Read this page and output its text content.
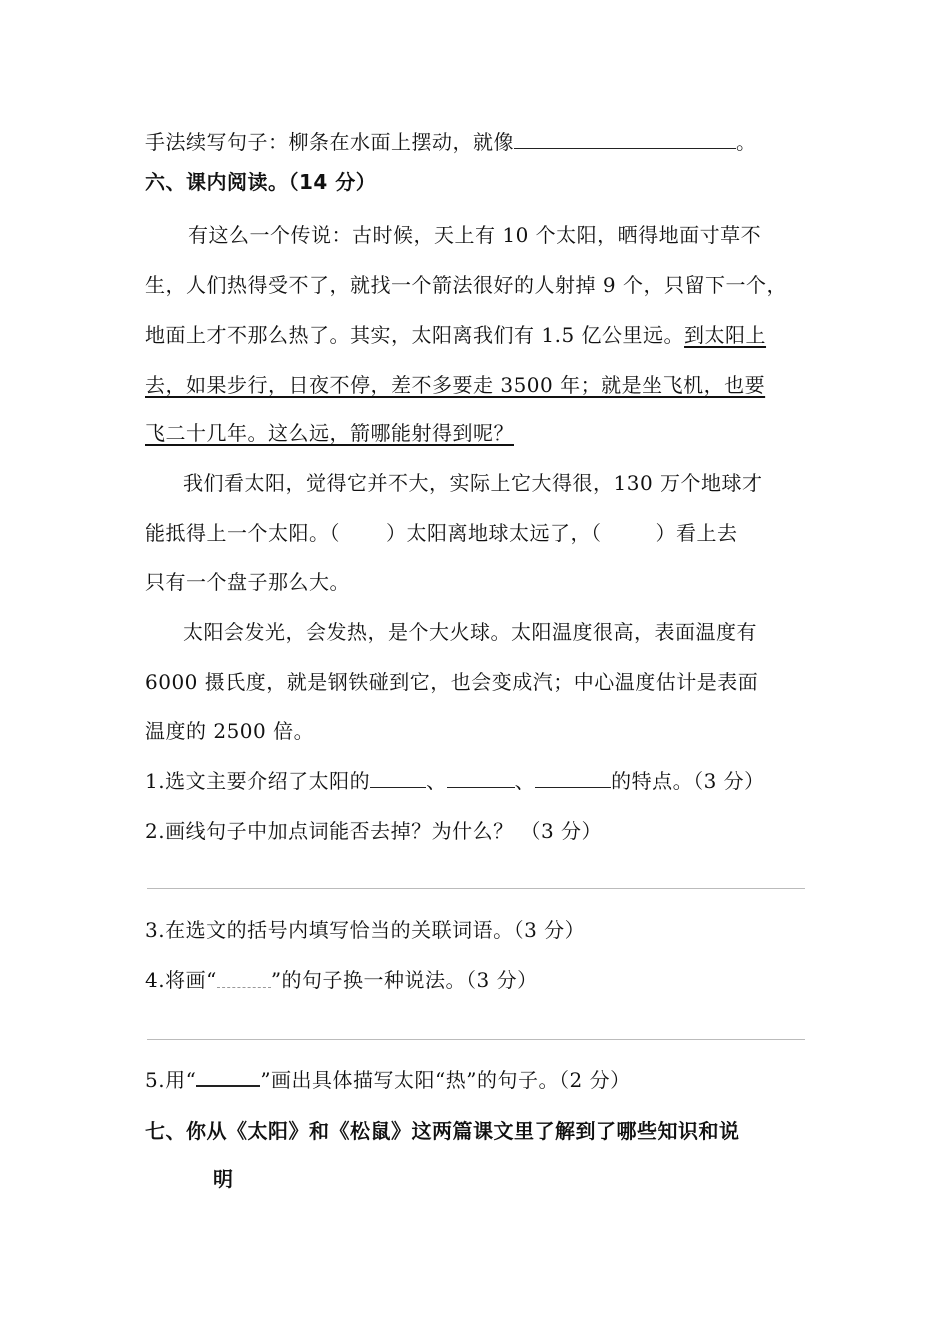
手法续写句子：柳条在水面上摆动，就像	。
六、课内阅读。（14 分）
有这么一个传说：古时候，天上有 10 个太阳，晒得地面寸草不
生，人们热得受不了，就找一个箭法很好的人射掉 9 个，只留下一个，
地面上才不那么热了。其实，太阳离我们有 1.5 亿公里远。到太阳上
去，如果步行，日夜不停，差不多要走 3500 年；就是坐飞机，也要
飞二十几年。这么远，箭哪能射得到呢？
我们看太阳，觉得它并不大，实际上它大得很，130 万个地球才
能抵得上一个太阳。（ ）太阳离地球太远了，（	）看上去
只有一个盘子那么大。
太阳会发光，会发热，是个大火球。太阳温度很高，表面温度有
6000 摄氏度，就是钢铁碰到它，也会变成汽；中心温度估计是表面
温度的 2500 倍。
1.选文主要介绍了太阳的	、	、	的特点。（3 分）
2.画线句子中加点词能否去掉？为什么？ （3 分）
3.在选文的括号内填写恰当的关联词语。（3 分）
4.将画“	”的句子换一种说法。（3 分）
5.用“	”画出具体描写太阳“热”的句子。（2 分）
七、你从《太阳》和《松鼠》这两篇课文里了解到了哪些知识和说
明
